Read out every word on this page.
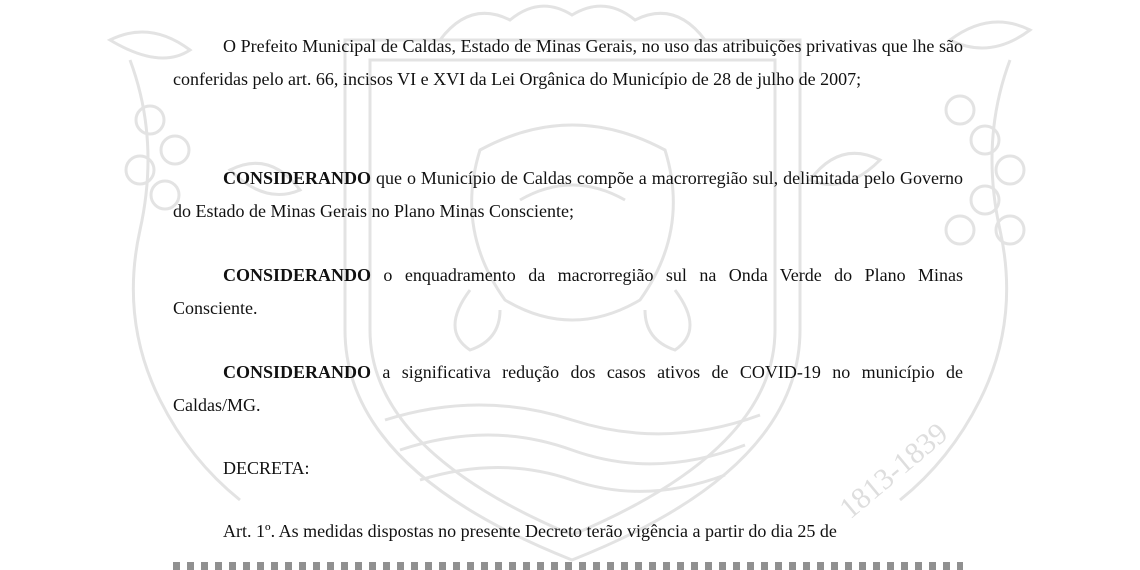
1813-1839

O Prefeito Municipal de Caldas, Estado de Minas Gerais, no uso das atribuições privativas que lhe são conferidas pelo art. 66, incisos VI e XVI da Lei Orgânica do Município de 28 de julho de 2007;

CONSIDERANDO que o Município de Caldas compõe a macrorregião sul, delimitada pelo Governo do Estado de Minas Gerais no Plano Minas Consciente;

CONSIDERANDO o enquadramento da macrorregião sul na Onda Verde do Plano Minas Consciente.

CONSIDERANDO a significativa redução dos casos ativos de COVID-19 no município de Caldas/MG.

DECRETA:

Art. 1º. As medidas dispostas no presente Decreto terão vigência a partir do dia 25 de
